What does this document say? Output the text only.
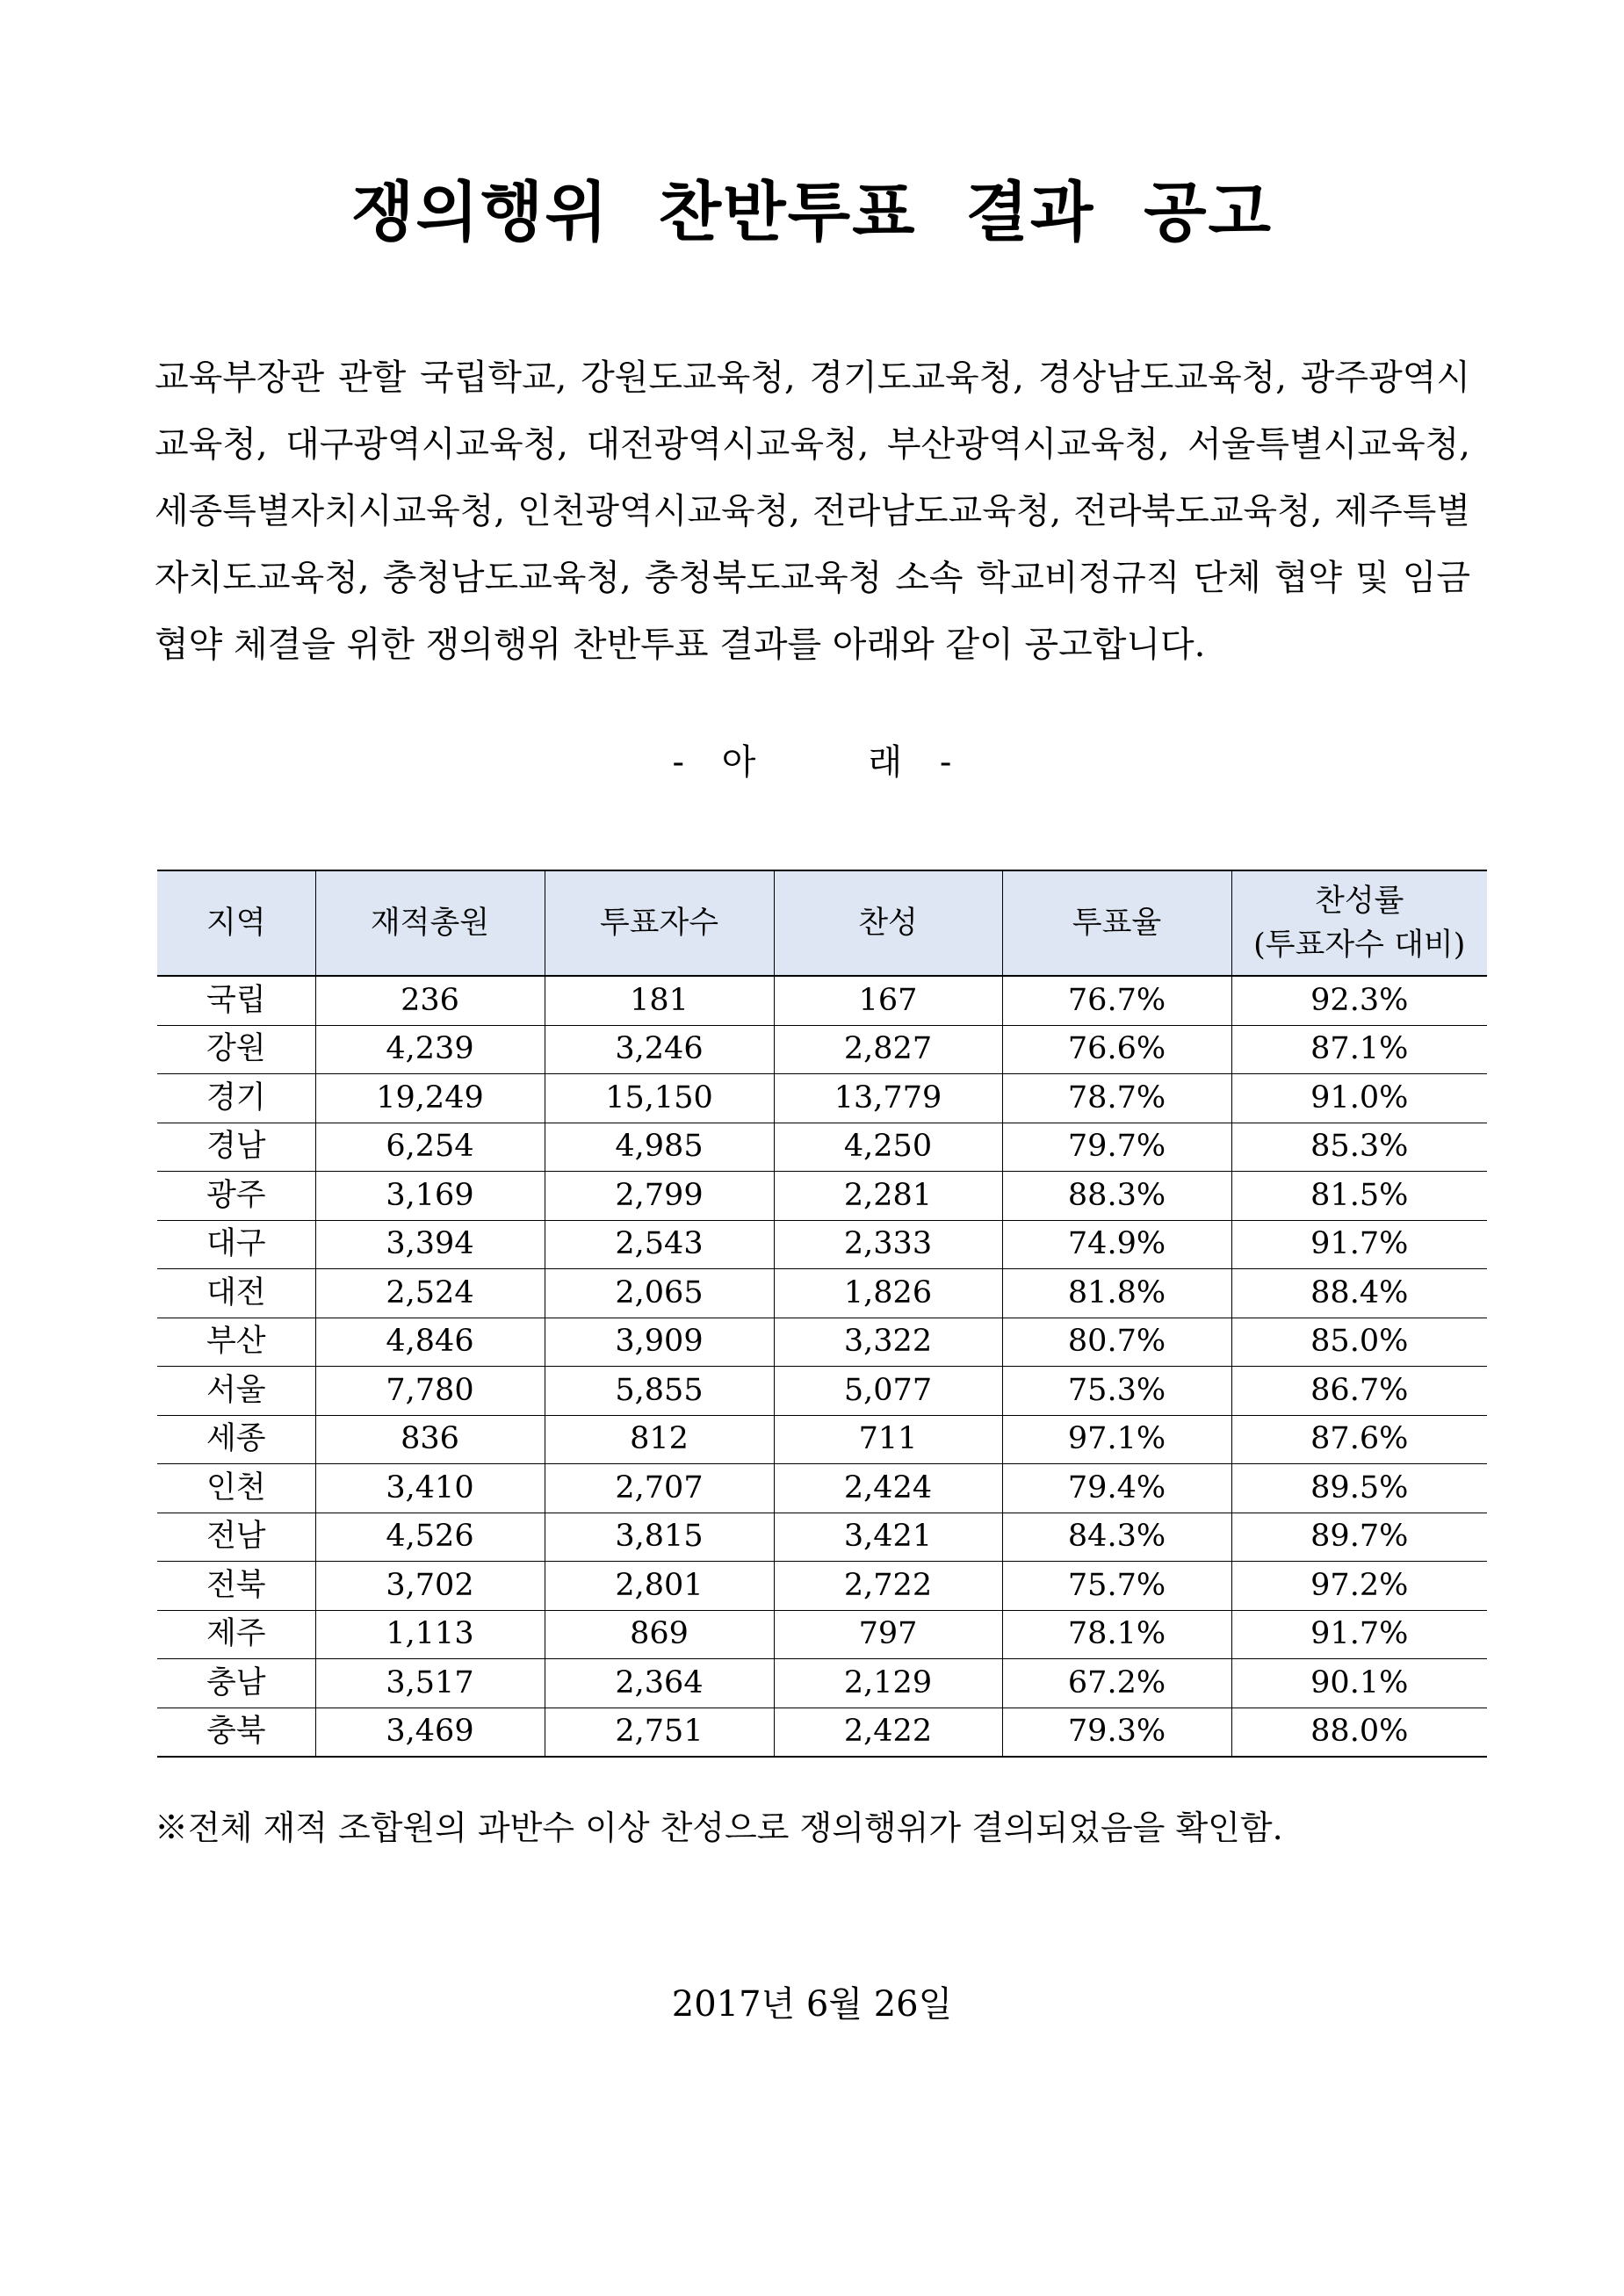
쟁의행위 찬반투표 결과 공고

교육부장관 관할 국립학교, 강원도교육청, 경기도교육청, 경상남도교육청, 광주광역시교육청, 대구광역시교육청, 대전광역시교육청, 부산광역시교육청, 서울특별시교육청, 세종특별자치시교육청, 인천광역시교육청, 전라남도교육청, 전라북도교육청, 제주특별자치도교육청, 충청남도교육청, 충청북도교육청 소속 학교비정규직 단체 협약 및 임금 협약 체결을 위한 쟁의행위 찬반투표 결과를 아래와 같이 공고합니다.

- 아   래 -
지역	재적총원	투표자수	찬성	투표율	찬성률
(투표자수 대비)
국립	236	181	167	76.7%	92.3%
강원	4,239	3,246	2,827	76.6%	87.1%
경기	19,249	15,150	13,779	78.7%	91.0%
경남	6,254	4,985	4,250	79.7%	85.3%
광주	3,169	2,799	2,281	88.3%	81.5%
대구	3,394	2,543	2,333	74.9%	91.7%
대전	2,524	2,065	1,826	81.8%	88.4%
부산	4,846	3,909	3,322	80.7%	85.0%
서울	7,780	5,855	5,077	75.3%	86.7%
세종	836	812	711	97.1%	87.6%
인천	3,410	2,707	2,424	79.4%	89.5%
전남	4,526	3,815	3,421	84.3%	89.7%
전북	3,702	2,801	2,722	75.7%	97.2%
제주	1,113	869	797	78.1%	91.7%
충남	3,517	2,364	2,129	67.2%	90.1%
충북	3,469	2,751	2,422	79.3%	88.0%
※전체 재적 조합원의 과반수 이상 찬성으로 쟁의행위가 결의되었음을 확인함.
2017년 6월 26일
